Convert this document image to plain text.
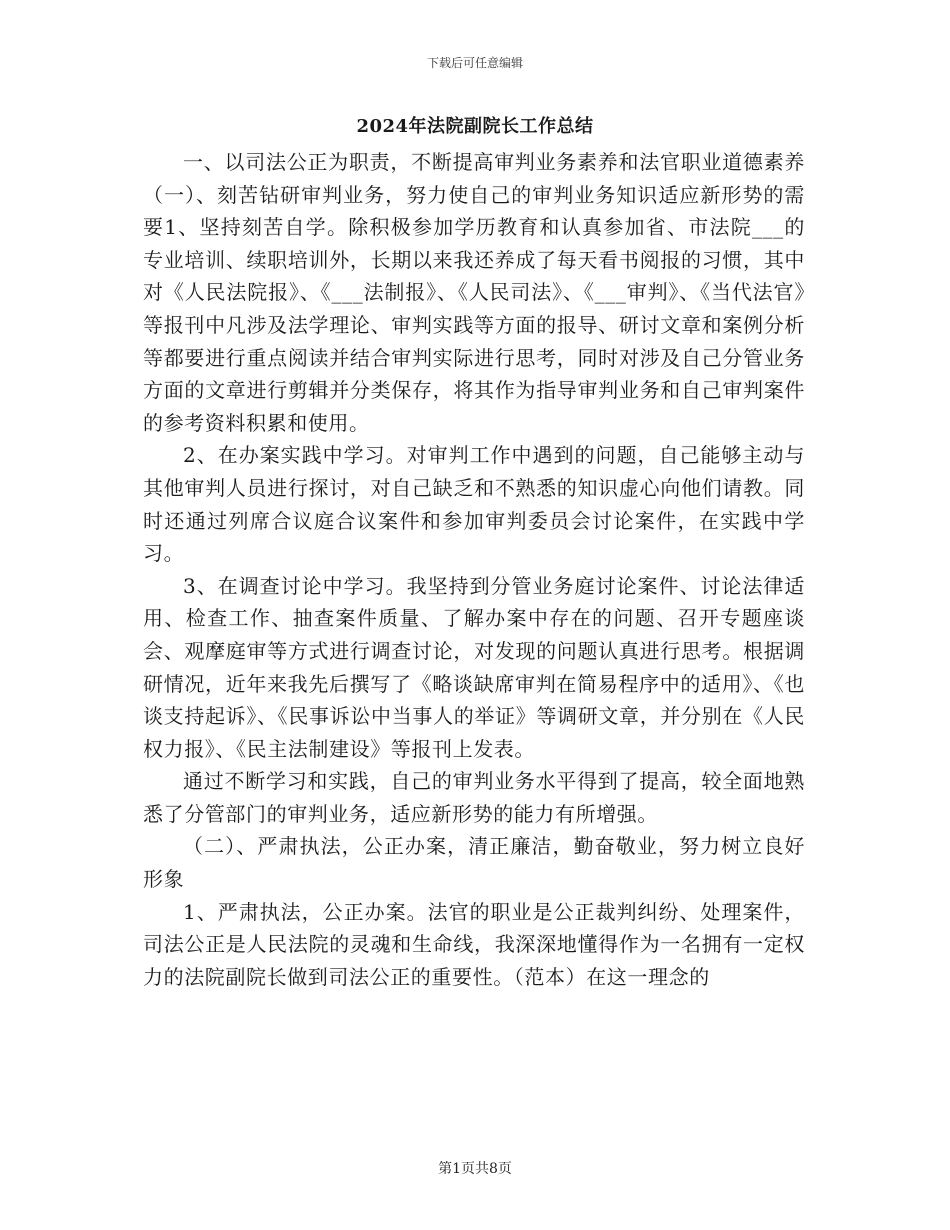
下载后可任意编辑
2024年法院副院长工作总结

一、以司法公正为职责，不断提高审判业务素养和法官职业道德素养（一）、刻苦钻研审判业务，努力使自己的审判业务知识适应新形势的需要1、坚持刻苦自学。除积极参加学历教育和认真参加省、市法院___的专业培训、续职培训外，长期以来我还养成了每天看书阅报的习惯，其中对《人民法院报》、《___法制报》、《人民司法》、《___审判》、《当代法官》等报刊中凡涉及法学理论、审判实践等方面的报导、研讨文章和案例分析等都要进行重点阅读并结合审判实际进行思考，同时对涉及自己分管业务方面的文章进行剪辑并分类保存，将其作为指导审判业务和自己审判案件的参考资料积累和使用。

2、在办案实践中学习。对审判工作中遇到的问题，自己能够主动与其他审判人员进行探讨，对自己缺乏和不熟悉的知识虚心向他们请教。同时还通过列席合议庭合议案件和参加审判委员会讨论案件，在实践中学习。

3、在调查讨论中学习。我坚持到分管业务庭讨论案件、讨论法律适用、检查工作、抽查案件质量、了解办案中存在的问题、召开专题座谈会、观摩庭审等方式进行调查讨论，对发现的问题认真进行思考。根据调研情况，近年来我先后撰写了《略谈缺席审判在简易程序中的适用》、《也谈支持起诉》、《民事诉讼中当事人的举证》等调研文章，并分别在《人民权力报》、《民主法制建设》等报刊上发表。

通过不断学习和实践，自己的审判业务水平得到了提高，较全面地熟悉了分管部门的审判业务，适应新形势的能力有所增强。

（二）、严肃执法，公正办案，清正廉洁，勤奋敬业，努力树立良好形象

1、严肃执法，公正办案。法官的职业是公正裁判纠纷、处理案件，司法公正是人民法院的灵魂和生命线，我深深地懂得作为一名拥有一定权力的法院副院长做到司法公正的重要性。（范本）在这一理念的

第1页共8页
